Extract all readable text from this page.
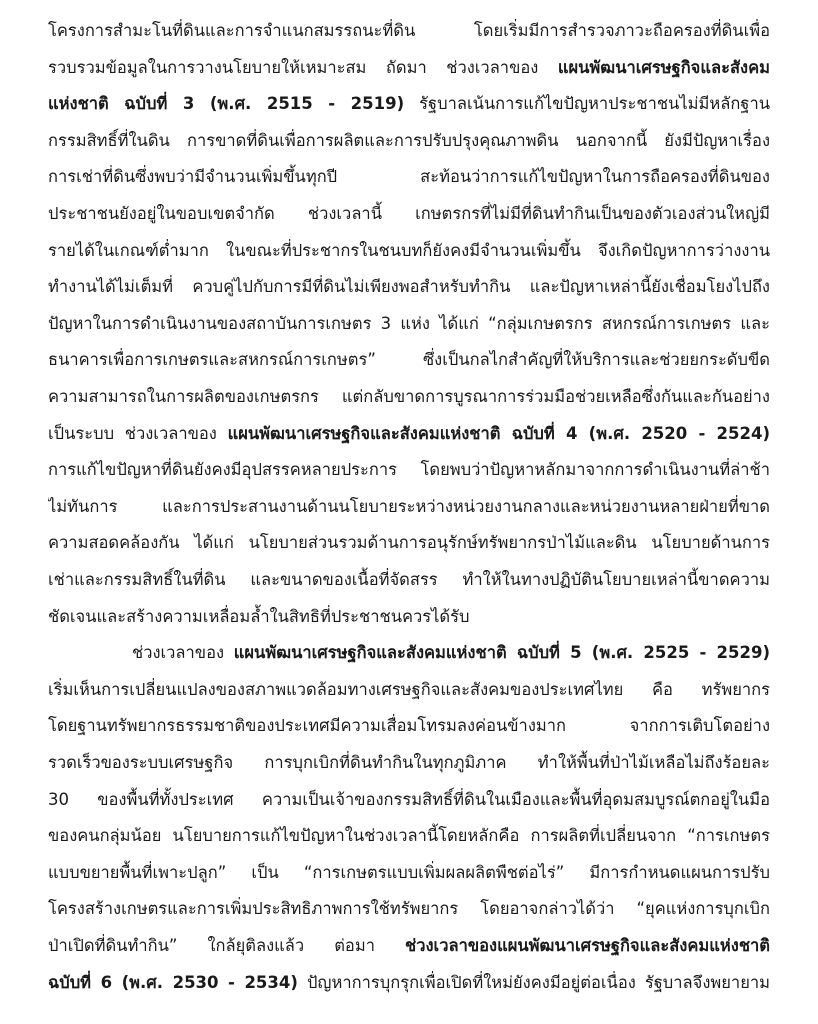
โครงการสำมะโนที่ดินและการจำแนกสมรรถนะที่ดิน โดยเริ่มมีการสำรวจภาวะถือครองที่ดินเพื่อ
รวบรวมข้อมูลในการวางนโยบายให้เหมาะสม ถัดมา ช่วงเวลาของ แผนพัฒนาเศรษฐกิจและสังคม
แห่งชาติ ฉบับที่ 3 (พ.ศ. 2515 - 2519) รัฐบาลเน้นการแก้ไขปัญหาประชาชนไม่มีหลักฐาน
กรรมสิทธิ์ที่ในดิน การขาดที่ดินเพื่อการผลิตและการปรับปรุงคุณภาพดิน นอกจากนี้ ยังมีปัญหาเรื่อง
การเช่าที่ดินซึ่งพบว่ามีจำนวนเพิ่มขึ้นทุกปี สะท้อนว่าการแก้ไขปัญหาในการถือครองที่ดินของ
ประชาชนยังอยู่ในขอบเขตจำกัด ช่วงเวลานี้ เกษตรกรที่ไม่มีที่ดินทำกินเป็นของตัวเองส่วนใหญ่มี
รายได้ในเกณฑ์ต่ำมาก ในขณะที่ประชากรในชนบทก็ยังคงมีจำนวนเพิ่มขึ้น จึงเกิดปัญหาการว่างงาน
ทำงานได้ไม่เต็มที่ ควบคู่ไปกับการมีที่ดินไม่เพียงพอสำหรับทำกิน และปัญหาเหล่านี้ยังเชื่อมโยงไปถึง
ปัญหาในการดำเนินงานของสถาบันการเกษตร 3 แห่ง ได้แก่ “กลุ่มเกษตรกร สหกรณ์การเกษตร และ
ธนาคารเพื่อการเกษตรและสหกรณ์การเกษตร” ซึ่งเป็นกลไกสำคัญที่ให้บริการและช่วยยกระดับขีด
ความสามารถในการผลิตของเกษตรกร แต่กลับขาดการบูรณาการร่วมมือช่วยเหลือซึ่งกันและกันอย่าง
เป็นระบบ ช่วงเวลาของ แผนพัฒนาเศรษฐกิจและสังคมแห่งชาติ ฉบับที่ 4 (พ.ศ. 2520 - 2524)
การแก้ไขปัญหาที่ดินยังคงมีอุปสรรคหลายประการ โดยพบว่าปัญหาหลักมาจากการดำเนินงานที่ล่าช้า
ไม่ทันการ และการประสานงานด้านนโยบายระหว่างหน่วยงานกลางและหน่วยงานหลายฝ่ายที่ขาด
ความสอดคล้องกัน ได้แก่ นโยบายส่วนรวมด้านการอนุรักษ์ทรัพยากรป่าไม้และดิน นโยบายด้านการ
เช่าและกรรมสิทธิ์ในที่ดิน และขนาดของเนื้อที่จัดสรร ทำให้ในทางปฏิบัตินโยบายเหล่านี้ขาดความ
ชัดเจนและสร้างความเหลื่อมล้ำในสิทธิที่ประชาชนควรได้รับ
ช่วงเวลาของ แผนพัฒนาเศรษฐกิจและสังคมแห่งชาติ ฉบับที่ 5 (พ.ศ. 2525 - 2529)
เริ่มเห็นการเปลี่ยนแปลงของสภาพแวดล้อมทางเศรษฐกิจและสังคมของประเทศไทย คือ ทรัพยากร
โดยฐานทรัพยากรธรรมชาติของประเทศมีความเสื่อมโทรมลงค่อนข้างมาก จากการเติบโตอย่าง
รวดเร็วของระบบเศรษฐกิจ การบุกเบิกที่ดินทำกินในทุกภูมิภาค ทำให้พื้นที่ป่าไม้เหลือไม่ถึงร้อยละ
30 ของพื้นที่ทั้งประเทศ ความเป็นเจ้าของกรรมสิทธิ์ที่ดินในเมืองและพื้นที่อุดมสมบูรณ์ตกอยู่ในมือ
ของคนกลุ่มน้อย นโยบายการแก้ไขปัญหาในช่วงเวลานี้โดยหลักคือ การผลิตที่เปลี่ยนจาก “การเกษตร
แบบขยายพื้นที่เพาะปลูก” เป็น “การเกษตรแบบเพิ่มผลผลิตพืชต่อไร่” มีการกำหนดแผนการปรับ
โครงสร้างเกษตรและการเพิ่มประสิทธิภาพการใช้ทรัพยากร โดยอาจกล่าวได้ว่า “ยุคแห่งการบุกเบิก
ป่าเปิดที่ดินทำกิน” ใกล้ยุติลงแล้ว ต่อมา ช่วงเวลาของแผนพัฒนาเศรษฐกิจและสังคมแห่งชาติ
ฉบับที่ 6 (พ.ศ. 2530 - 2534) ปัญหาการบุกรุกเพื่อเปิดที่ใหม่ยังคงมีอยู่ต่อเนื่อง รัฐบาลจึงพยายาม
